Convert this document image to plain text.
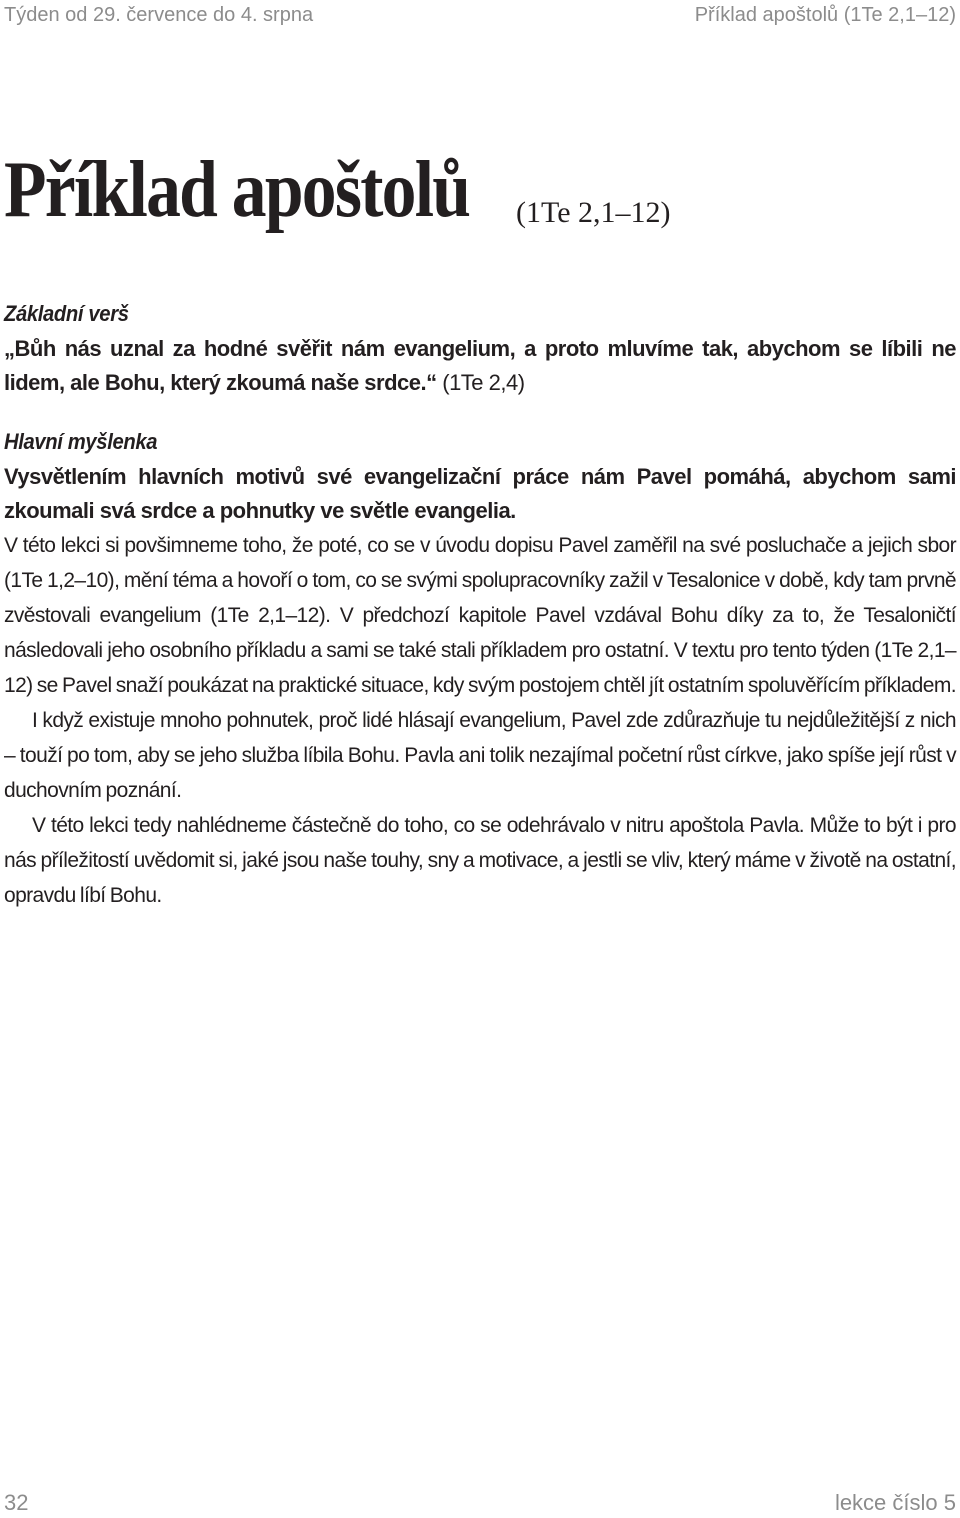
Týden od 29. července do 4. srpna	Příklad apoštolů (1Te 2,1–12)
Příklad apoštolů (1Te 2,1–12)
Základní verš

„Bůh nás uznal za hodné svěřit nám evangelium, a proto mluvíme tak, abychom se líbili ne lidem, ale Bohu, který zkoumá naše srdce.“ (1Te 2,4)

Hlavní myšlenka

Vysvětlením hlavních motivů své evangelizační práce nám Pavel pomáhá, abychom sami zkoumali svá srdce a pohnutky ve světle evangelia.

V této lekci si povšimneme toho, že poté, co se v úvodu dopisu Pavel zaměřil na své posluchače a jejich sbor (1Te 1,2–10), mění téma a hovoří o tom, co se svými spolupracovníky zažil v Tesalonice v době, kdy tam prvně zvěstovali evangelium (1Te 2,1–12). V předchozí kapitole Pavel vzdával Bohu díky za to, že Tesaloničtí následovali jeho osobního příkladu a sami se také stali příkladem pro ostatní. V textu pro tento týden (1Te 2,1–12) se Pavel snaží poukázat na praktické situace, kdy svým postojem chtěl jít ostatním spoluvěřícím příkladem.

I když existuje mnoho pohnutek, proč lidé hlásají evangelium, Pavel zde zdůrazňuje tu nejdůležitější z nich – touží po tom, aby se jeho služba líbila Bohu. Pavla ani tolik nezajímal početní růst církve, jako spíše její růst v duchovním poznání.

V této lekci tedy nahlédneme částečně do toho, co se odehrávalo v nitru apoštola Pavla. Může to být i pro nás příležitostí uvědomit si, jaké jsou naše touhy, sny a motivace, a jestli se vliv, který máme v životě na ostatní, opravdu líbí Bohu.

32	lekce číslo 5
